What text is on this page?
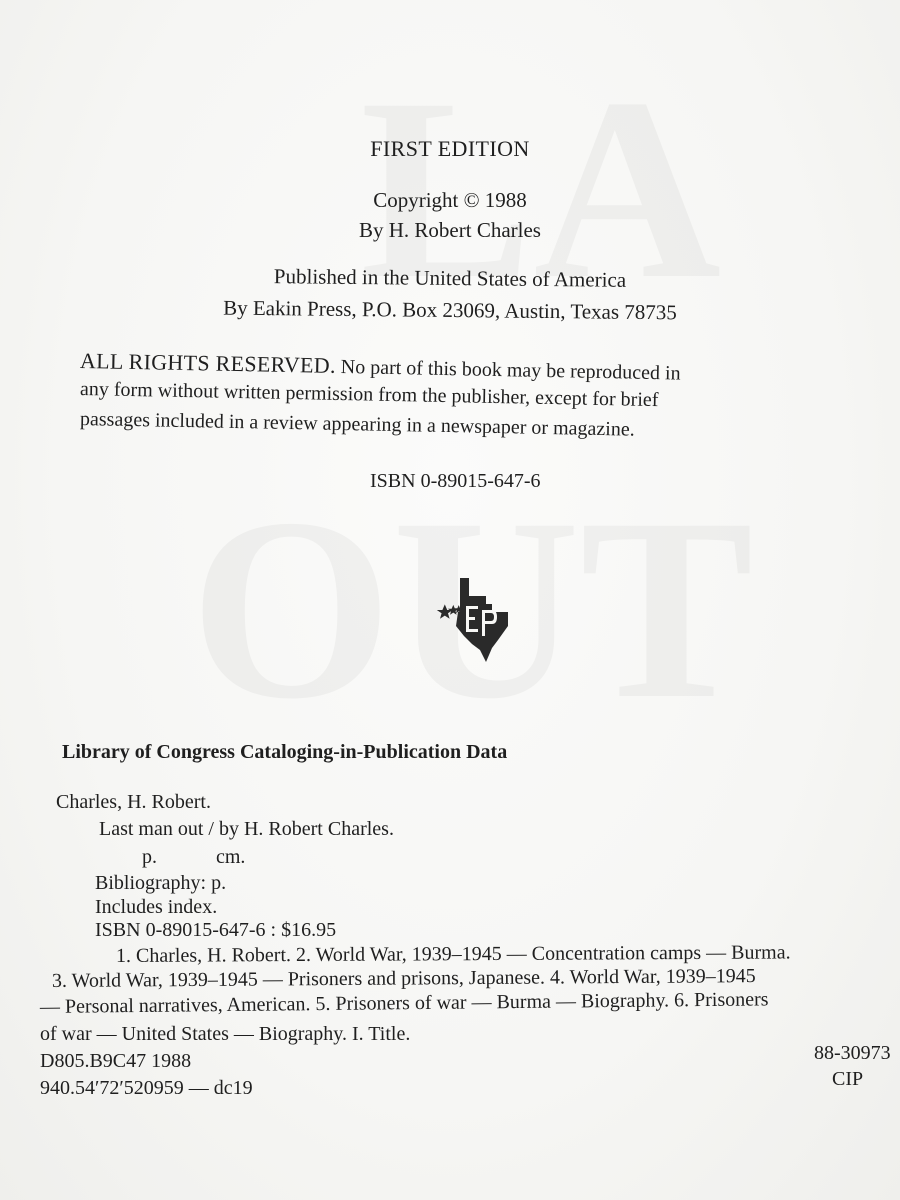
FIRST EDITION
Copyright © 1988
By H. Robert Charles
Published in the United States of America
By Eakin Press, P.O. Box 23069, Austin, Texas 78735
ALL RIGHTS RESERVED. No part of this book may be reproduced in
any form without written permission from the publisher, except for brief
passages included in a review appearing in a newspaper or magazine.
ISBN 0-89015-647-6
Library of Congress Cataloging-in-Publication Data
Charles, H. Robert.
Last man out / by H. Robert Charles.
p.	cm.
Bibliography: p.
Includes index.
ISBN 0-89015-647-6 : $16.95
1. Charles, H. Robert. 2. World War, 1939–1945 — Concentration camps — Burma.
3. World War, 1939–1945 — Prisoners and prisons, Japanese. 4. World War, 1939–1945
— Personal narratives, American. 5. Prisoners of war — Burma — Biography. 6. Prisoners
of war — United States — Biography. I. Title.
D805.B9C47 1988
940.54′72′520959 — dc19
88-30973
CIP
